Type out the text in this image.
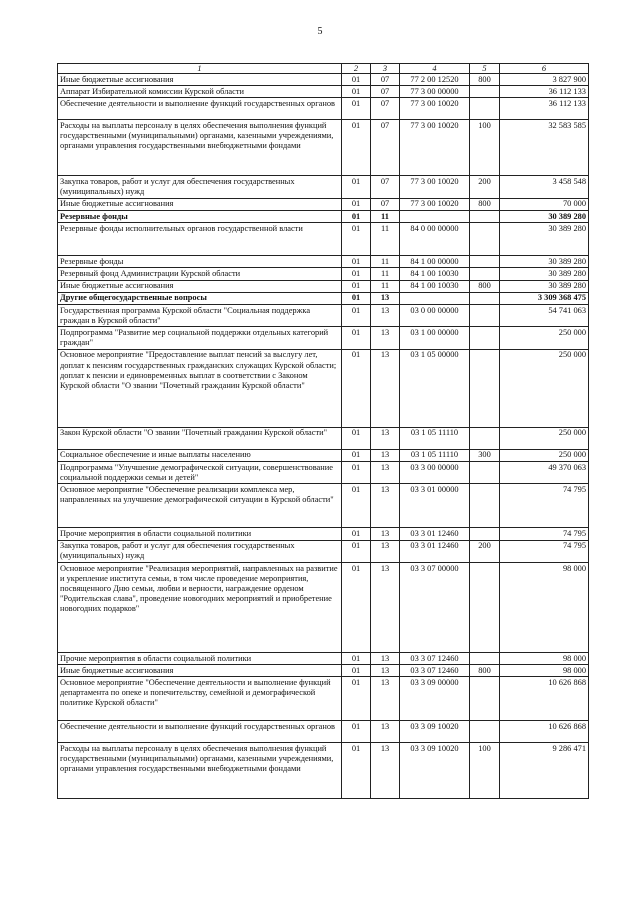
5
1	2	3	4	5	6
Иные бюджетные ассигнования	01	07	77 2 00 12520	800	3 827 900
Аппарат Избирательной комиссии Курской области	01	07	77 3 00 00000		36 112 133
Обеспечение деятельности и выполнение функций государственных органов	01	07	77 3 00 10020		36 112 133
Расходы на выплаты персоналу в целях обеспечения выполнения функций государственными (муниципальными) органами, казенными учреждениями, органами управления государственными внебюджетными фондами	01	07	77 3 00 10020	100	32 583 585
Закупка товаров, работ и услуг для обеспечения государственных (муниципальных) нужд	01	07	77 3 00 10020	200	3 458 548
Иные бюджетные ассигнования	01	07	77 3 00 10020	800	70 000
Резервные фонды	01	11			30 389 280
Резервные фонды исполнительных органов государственной власти	01	11	84 0 00 00000		30 389 280
Резервные фонды	01	11	84 1 00 00000		30 389 280
Резервный фонд Администрации Курской области	01	11	84 1 00 10030		30 389 280
Иные бюджетные ассигнования	01	11	84 1 00 10030	800	30 389 280
Другие общегосударственные вопросы	01	13			3 309 368 475
Государственная программа Курской области "Социальная поддержка граждан в Курской области"	01	13	03 0 00 00000		54 741 063
Подпрограмма "Развитие мер социальной поддержки отдельных категорий граждан"	01	13	03 1 00 00000		250 000
Основное мероприятие "Предоставление выплат пенсий за выслугу лет, доплат к пенсиям государственных гражданских служащих Курской области; доплат к пенсии и единовременных выплат в соответствии с Законом Курской области "О звании "Почетный гражданин Курской области"	01	13	03 1 05 00000		250 000
Закон Курской области "О звании "Почетный гражданин Курской области"	01	13	03 1 05 11110		250 000
Социальное обеспечение и иные выплаты населению	01	13	03 1 05 11110	300	250 000
Подпрограмма "Улучшение демографической ситуации, совершенствование социальной поддержки семьи и детей"	01	13	03 3 00 00000		49 370 063
Основное мероприятие "Обеспечение реализации комплекса мер, направленных на улучшение демографической ситуации в Курской области"	01	13	03 3 01 00000		74 795
Прочие мероприятия в области социальной политики	01	13	03 3 01 12460		74 795
Закупка товаров, работ и услуг для обеспечения государственных (муниципальных) нужд	01	13	03 3 01 12460	200	74 795
Основное мероприятие "Реализация мероприятий, направленных на развитие и укрепление института семьи, в том числе проведение мероприятия, посвященного Дню семьи, любви и верности, награждение орденом "Родительская слава", проведение новогодних мероприятий и приобретение новогодних подарков"	01	13	03 3 07 00000		98 000
Прочие мероприятия в области социальной политики	01	13	03 3 07 12460		98 000
Иные бюджетные ассигнования	01	13	03 3 07 12460	800	98 000
Основное мероприятие "Обеспечение деятельности и выполнение функций департамента по опеке и попечительству, семейной и демографической политике Курской области"	01	13	03 3 09 00000		10 626 868
Обеспечение деятельности и выполнение функций государственных органов	01	13	03 3 09 10020		10 626 868
Расходы на выплаты персоналу в целях обеспечения выполнения функций государственными (муниципальными) органами, казенными учреждениями, органами управления государственными внебюджетными фондами	01	13	03 3 09 10020	100	9 286 471
